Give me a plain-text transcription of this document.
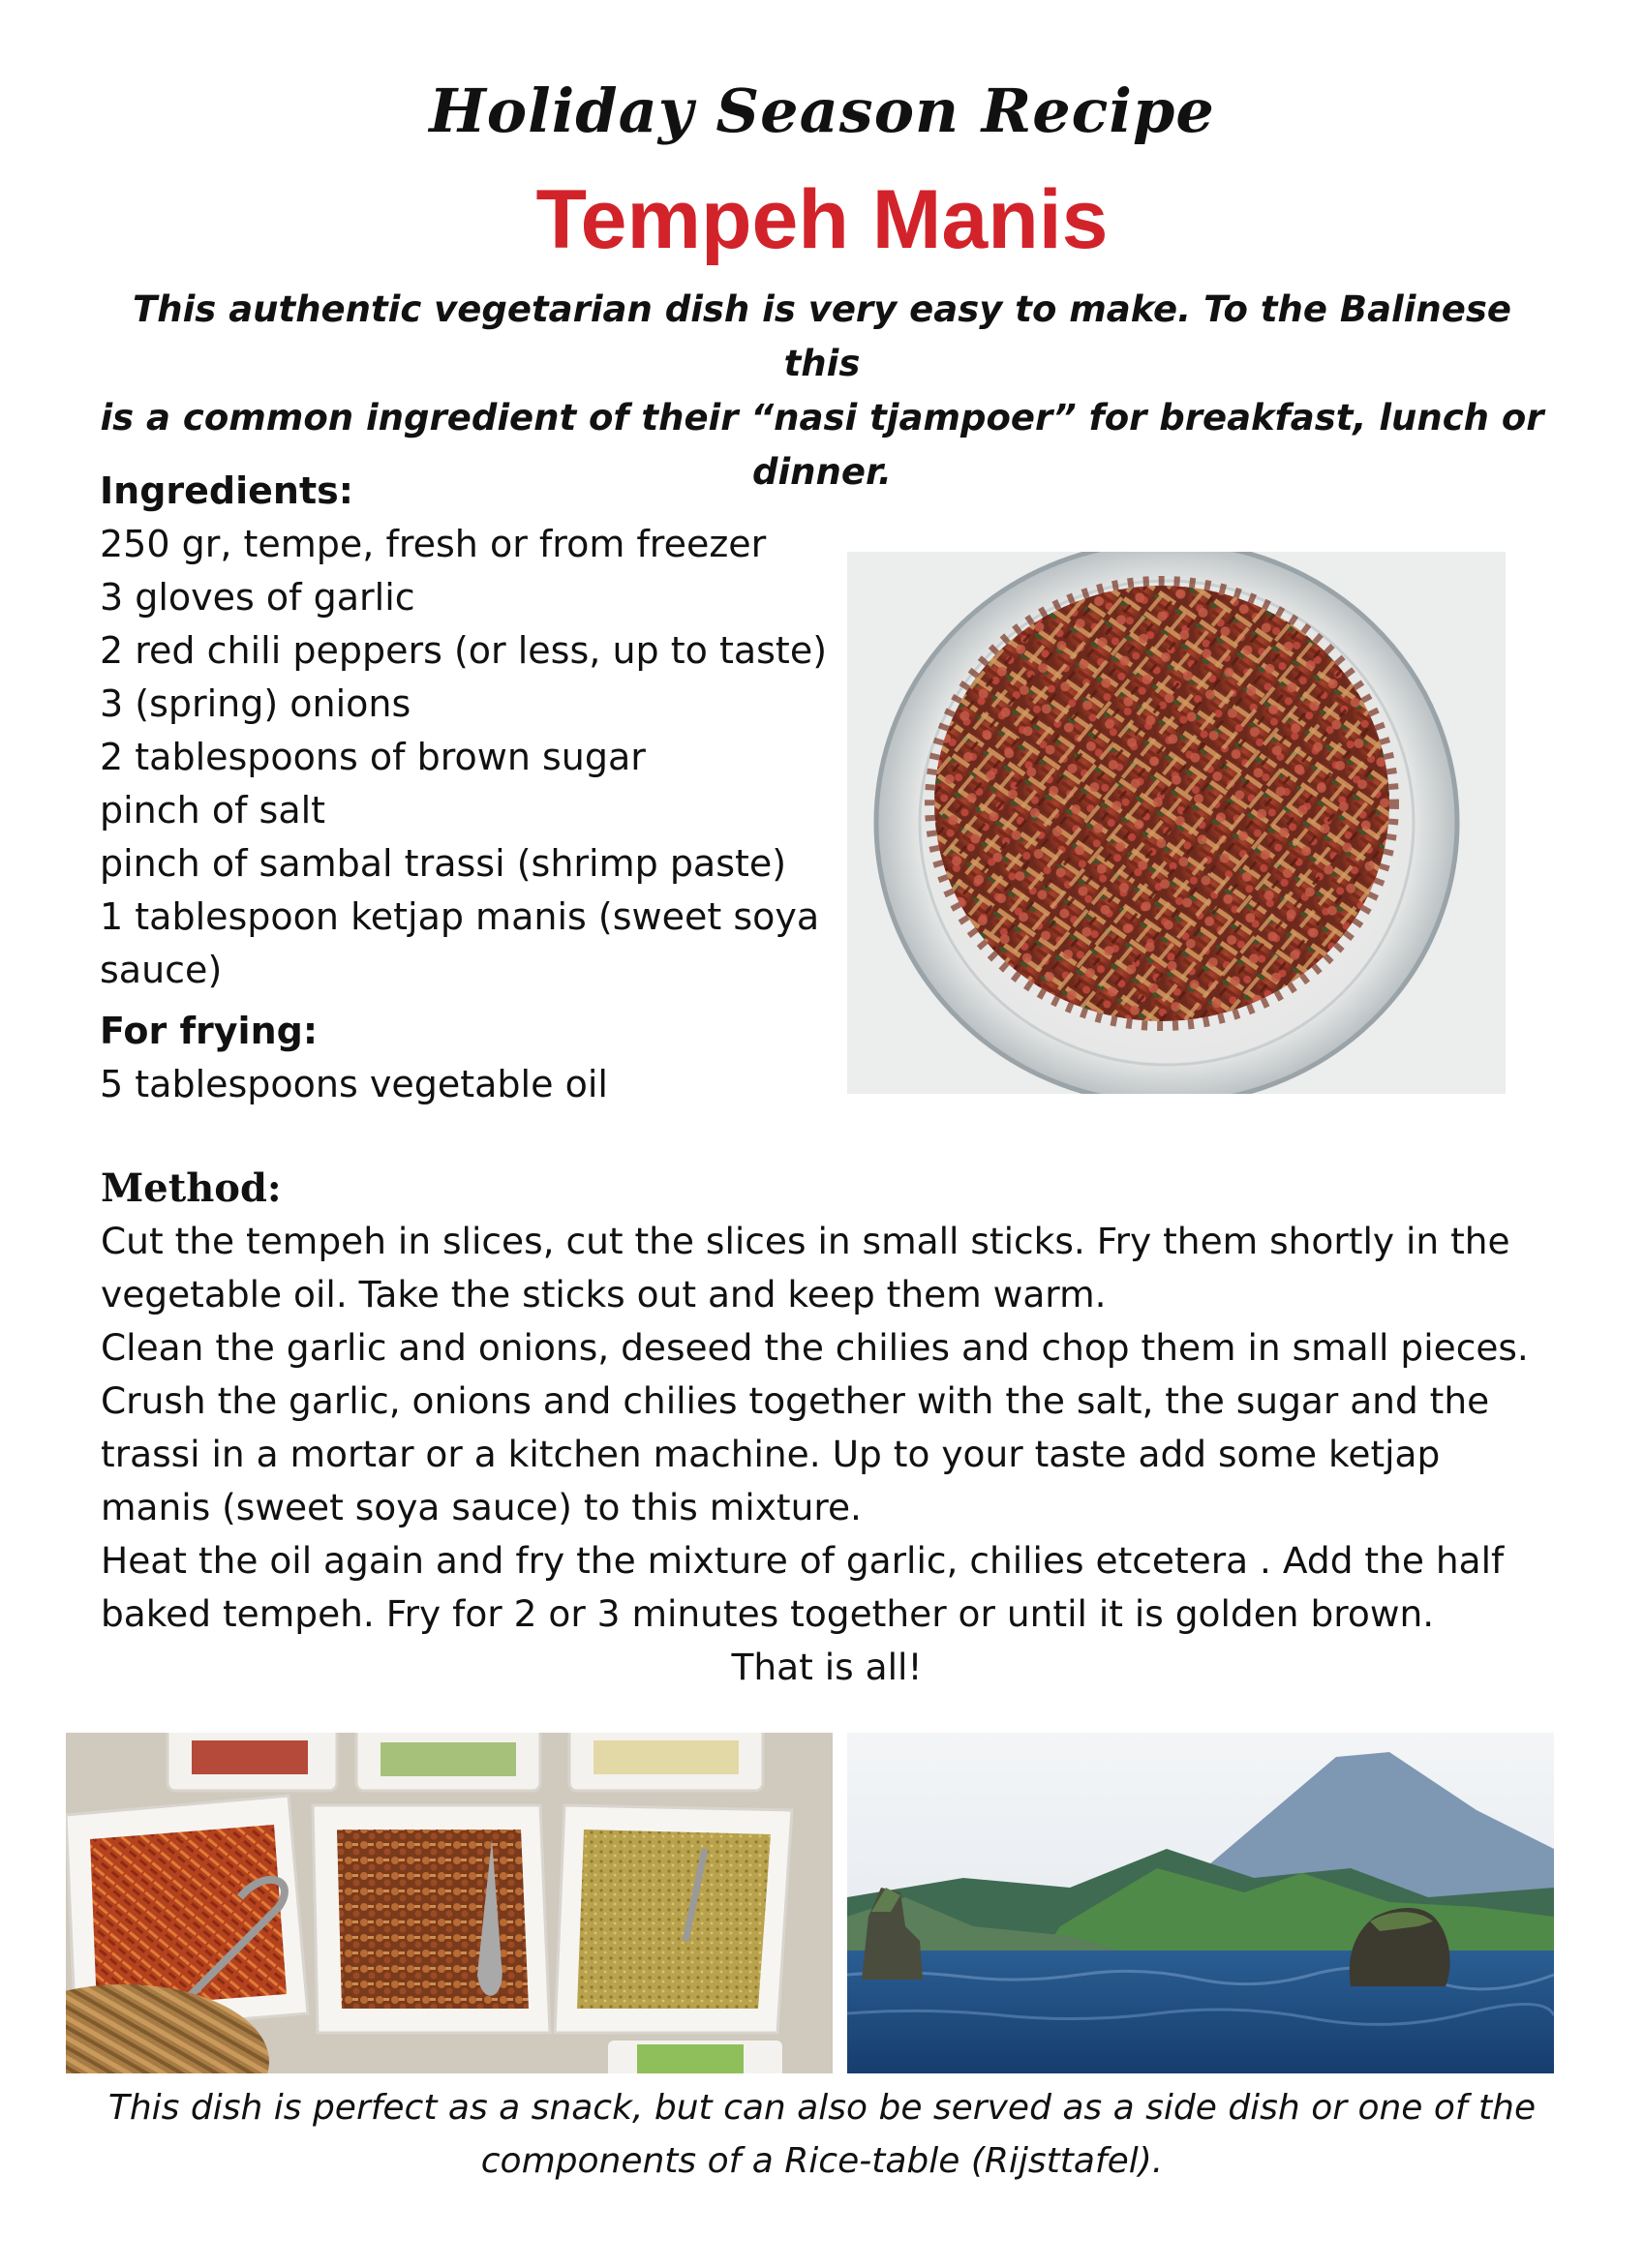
Holiday Season Recipe
Tempeh Manis
This authentic vegetarian dish is very easy to make. To the Balinese this
is a common ingredient of their “nasi tjampoer” for breakfast, lunch or
dinner.
Ingredients:
250 gr, tempe, fresh or from freezer
3 gloves of garlic
2 red chili peppers (or less, up to taste)
3 (spring) onions
2 tablespoons of brown sugar
pinch of salt
pinch of sambal trassi (shrimp paste)
1 tablespoon ketjap manis (sweet soya
sauce)
For frying:
5 tablespoons vegetable oil
Method:
Cut the tempeh in slices, cut the slices in small sticks. Fry them shortly in the
vegetable oil. Take the sticks out and keep them warm.
Clean the garlic and onions, deseed the chilies and chop them in small pieces.
Crush the garlic, onions and chilies together with the salt, the sugar and the
trassi in a mortar or a kitchen machine. Up to your taste add some ketjap
manis (sweet soya sauce) to this mixture.
Heat the oil again and fry the mixture of garlic, chilies etcetera . Add the half
baked tempeh. Fry for 2 or 3 minutes together or until it is golden brown.
That is all!
This dish is perfect as a snack, but can also be served as a side dish or one of the
components of a Rice-table (Rijsttafel).
